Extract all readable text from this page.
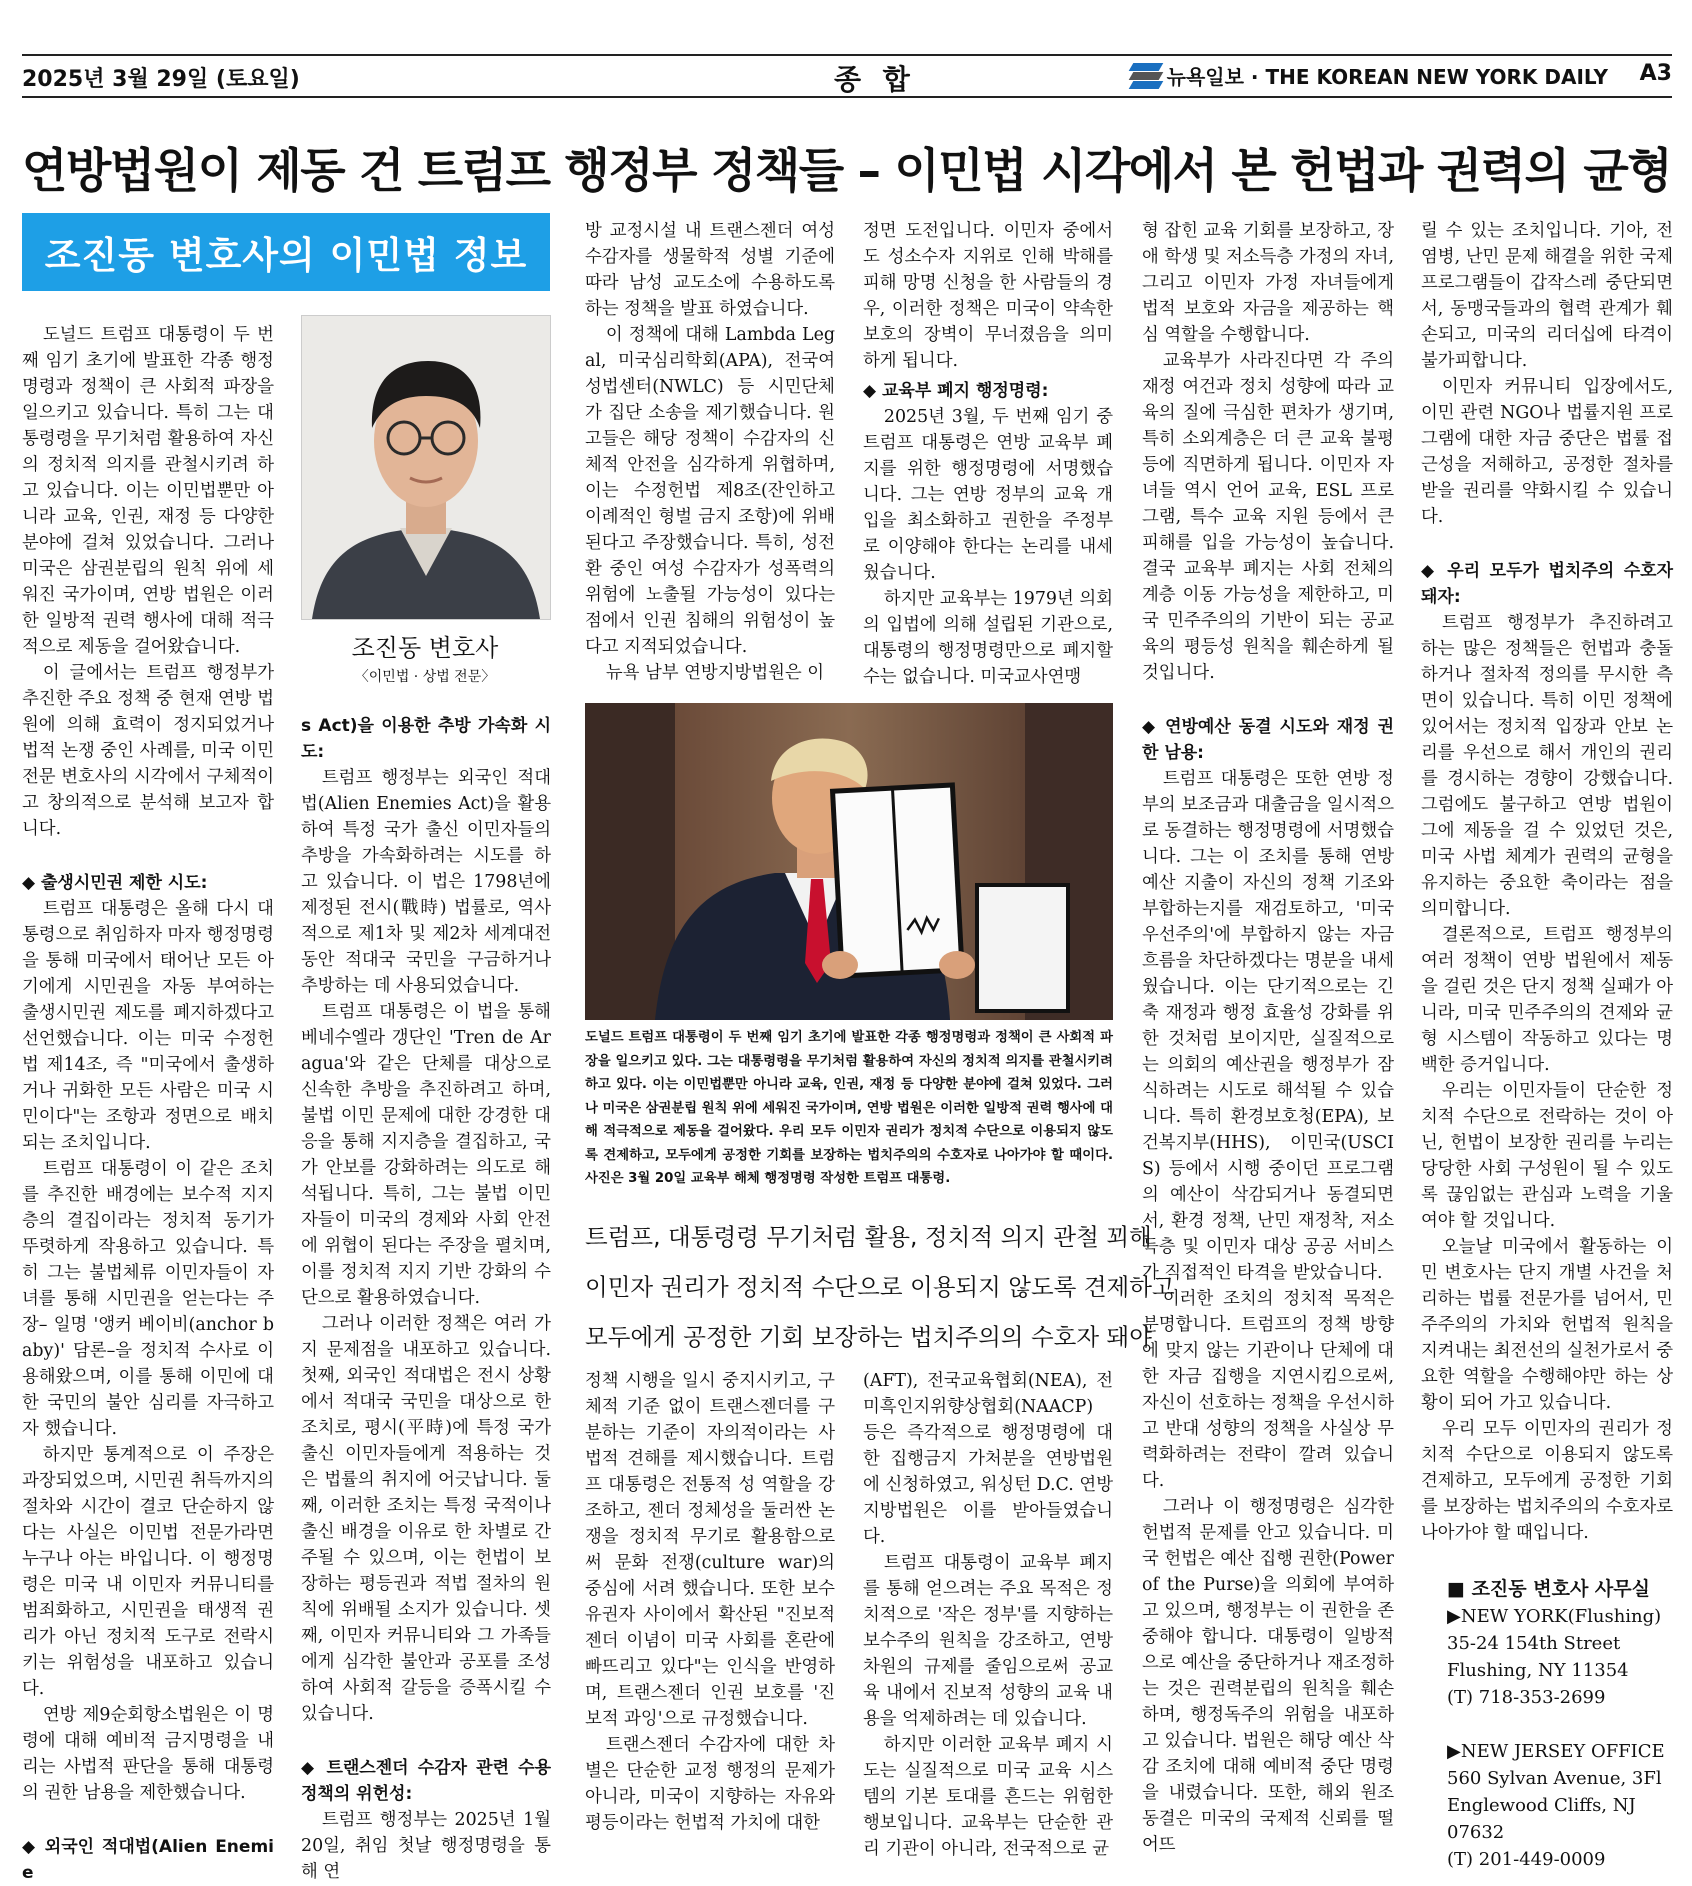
2025년 3월 29일 (토요일)	종 합	뉴욕일보 · THE KOREAN NEW YORK DAILY A3
연방법원이 제동 건 트럼프 행정부 정책들 – 이민법 시각에서 본 헌법과 권력의 균형
조진동 변호사의 이민법 정보
조진동 변호사
〈이민법 · 상법 전문〉

도널드 트럼프 대통령이 두 번째 임기 초기에 발표한 각종 행정명령과 정책이 큰 사회적 파장을 일으키고 있습니다. 특히 그는 대통령령을 무기처럼 활용하여 자신의 정치적 의지를 관철시키려 하고 있습니다. 이는 이민법뿐만 아니라 교육, 인권, 재정 등 다양한 분야에 걸쳐 있었습니다. 그러나 미국은 삼권분립의 원칙 위에 세워진 국가이며, 연방 법원은 이러한 일방적 권력 행사에 대해 적극적으로 제동을 걸어왔습니다.

이 글에서는 트럼프 행정부가 추진한 주요 정책 중 현재 연방 법원에 의해 효력이 정지되었거나 법적 논쟁 중인 사례를, 미국 이민 전문 변호사의 시각에서 구체적이고 창의적으로 분석해 보고자 합니다.

◆ 출생시민권 제한 시도:

트럼프 대통령은 올해 다시 대통령으로 취임하자 마자 행정명령을 통해 미국에서 태어난 모든 아기에게 시민권을 자동 부여하는 출생시민권 제도를 폐지하겠다고 선언했습니다. 이는 미국 수정헌법 제14조, 즉 "미국에서 출생하거나 귀화한 모든 사람은 미국 시민이다"는 조항과 정면으로 배치되는 조치입니다.

트럼프 대통령이 이 같은 조치를 추진한 배경에는 보수적 지지층의 결집이라는 정치적 동기가 뚜렷하게 작용하고 있습니다. 특히 그는 불법체류 이민자들이 자녀를 통해 시민권을 얻는다는 주장– 일명 '앵커 베이비(anchor baby)' 담론–을 정치적 수사로 이용해왔으며, 이를 통해 이민에 대한 국민의 불안 심리를 자극하고자 했습니다.

하지만 통계적으로 이 주장은 과장되었으며, 시민권 취득까지의 절차와 시간이 결코 단순하지 않다는 사실은 이민법 전문가라면 누구나 아는 바입니다. 이 행정명령은 미국 내 이민자 커뮤니티를 범죄화하고, 시민권을 태생적 권리가 아닌 정치적 도구로 전락시키는 위험성을 내포하고 있습니다.

연방 제9순회항소법원은 이 명령에 대해 예비적 금지명령을 내리는 사법적 판단을 통해 대통령의 권한 남용을 제한했습니다.

◆ 외국인 적대법(Alien Enemie

s Act)을 이용한 추방 가속화 시도:

트럼프 행정부는 외국인 적대법(Alien Enemies Act)을 활용하여 특정 국가 출신 이민자들의 추방을 가속화하려는 시도를 하고 있습니다. 이 법은 1798년에 제정된 전시(戰時) 법률로, 역사적으로 제1차 및 제2차 세계대전 동안 적대국 국민을 구금하거나 추방하는 데 사용되었습니다.

트럼프 대통령은 이 법을 통해 베네수엘라 갱단인 'Tren de Aragua'와 같은 단체를 대상으로 신속한 추방을 추진하려고 하며, 불법 이민 문제에 대한 강경한 대응을 통해 지지층을 결집하고, 국가 안보를 강화하려는 의도로 해석됩니다. 특히, 그는 불법 이민자들이 미국의 경제와 사회 안전에 위협이 된다는 주장을 펼치며, 이를 정치적 지지 기반 강화의 수단으로 활용하였습니다.

그러나 이러한 정책은 여러 가지 문제점을 내포하고 있습니다. 첫째, 외국인 적대법은 전시 상황에서 적대국 국민을 대상으로 한 조치로, 평시(平時)에 특정 국가 출신 이민자들에게 적용하는 것은 법률의 취지에 어긋납니다. 둘째, 이러한 조치는 특정 국적이나 출신 배경을 이유로 한 차별로 간주될 수 있으며, 이는 헌법이 보장하는 평등권과 적법 절차의 원칙에 위배될 소지가 있습니다. 셋째, 이민자 커뮤니티와 그 가족들에게 심각한 불안과 공포를 조성하여 사회적 갈등을 증폭시킬 수 있습니다.

◆ 트랜스젠더 수감자 관련 수용 정책의 위헌성:

트럼프 행정부는 2025년 1월 20일, 취임 첫날 행정명령을 통해 연

방 교정시설 내 트랜스젠더 여성 수감자를 생물학적 성별 기준에 따라 남성 교도소에 수용하도록 하는 정책을 발표 하였습니다.

이 정책에 대해 Lambda Legal, 미국심리학회(APA), 전국여성법센터(NWLC) 등 시민단체가 집단 소송을 제기했습니다. 원고들은 해당 정책이 수감자의 신체적 안전을 심각하게 위협하며, 이는 수정헌법 제8조(잔인하고 이례적인 형벌 금지 조항)에 위배된다고 주장했습니다. 특히, 성전환 중인 여성 수감자가 성폭력의 위험에 노출될 가능성이 있다는 점에서 인권 침해의 위험성이 높다고 지적되었습니다.

뉴욕 남부 연방지방법원은 이

정면 도전입니다. 이민자 중에서도 성소수자 지위로 인해 박해를 피해 망명 신청을 한 사람들의 경우, 이러한 정책은 미국이 약속한 보호의 장벽이 무너졌음을 의미하게 됩니다.

◆ 교육부 폐지 행정명령:

2025년 3월, 두 번째 임기 중 트럼프 대통령은 연방 교육부 폐지를 위한 행정명령에 서명했습니다. 그는 연방 정부의 교육 개입을 최소화하고 권한을 주정부로 이양해야 한다는 논리를 내세웠습니다.

하지만 교육부는 1979년 의회의 입법에 의해 설립된 기관으로, 대통령의 행정명령만으로 폐지할 수는 없습니다. 미국교사연맹

도널드 트럼프 대통령이 두 번째 임기 초기에 발표한 각종 행정명령과 정책이 큰 사회적 파장을 일으키고 있다. 그는 대통령령을 무기처럼 활용하여 자신의 정치적 의지를 관철시키려 하고 있다. 이는 이민법뿐만 아니라 교육, 인권, 재정 등 다양한 분야에 걸쳐 있었다. 그러나 미국은 삼권분립 원칙 위에 세워진 국가이며, 연방 법원은 이러한 일방적 권력 행사에 대해 적극적으로 제동을 걸어왔다. 우리 모두 이민자 권리가 정치적 수단으로 이용되지 않도록 견제하고, 모두에게 공정한 기회를 보장하는 법치주의의 수호자로 나아가야 할 때이다. 사진은 3월 20일 교육부 해체 행정명령 작성한 트럼프 대통령.
트럼프, 대통령령 무기처럼 활용, 정치적 의지 관철 꾀해
이민자 권리가 정치적 수단으로 이용되지 않도록 견제하고
모두에게 공정한 기회 보장하는 법치주의의 수호자 돼야

정책 시행을 일시 중지시키고, 구체적 기준 없이 트랜스젠더를 구분하는 기준이 자의적이라는 사법적 견해를 제시했습니다. 트럼프 대통령은 전통적 성 역할을 강조하고, 젠더 정체성을 둘러싼 논쟁을 정치적 무기로 활용함으로써 문화 전쟁(culture war)의 중심에 서려 했습니다. 또한 보수 유권자 사이에서 확산된 "진보적 젠더 이념이 미국 사회를 혼란에 빠뜨리고 있다"는 인식을 반영하며, 트랜스젠더 인권 보호를 '진보적 과잉'으로 규정했습니다.

트랜스젠더 수감자에 대한 차별은 단순한 교정 행정의 문제가 아니라, 미국이 지향하는 자유와 평등이라는 헌법적 가치에 대한

(AFT), 전국교육협회(NEA), 전미흑인지위향상협회(NAACP) 등은 즉각적으로 행정명령에 대한 집행금지 가처분을 연방법원에 신청하였고, 워싱턴 D.C. 연방지방법원은 이를 받아들였습니다.

트럼프 대통령이 교육부 폐지를 통해 얻으려는 주요 목적은 정치적으로 '작은 정부'를 지향하는 보수주의 원칙을 강조하고, 연방 차원의 규제를 줄임으로써 공교육 내에서 진보적 성향의 교육 내용을 억제하려는 데 있습니다.

하지만 이러한 교육부 폐지 시도는 실질적으로 미국 교육 시스템의 기본 토대를 흔드는 위험한 행보입니다. 교육부는 단순한 관리 기관이 아니라, 전국적으로 균

형 잡힌 교육 기회를 보장하고, 장애 학생 및 저소득층 가정의 자녀, 그리고 이민자 가정 자녀들에게 법적 보호와 자금을 제공하는 핵심 역할을 수행합니다.

교육부가 사라진다면 각 주의 재정 여건과 정치 성향에 따라 교육의 질에 극심한 편차가 생기며, 특히 소외계층은 더 큰 교육 불평등에 직면하게 됩니다. 이민자 자녀들 역시 언어 교육, ESL 프로그램, 특수 교육 지원 등에서 큰 피해를 입을 가능성이 높습니다. 결국 교육부 폐지는 사회 전체의 계층 이동 가능성을 제한하고, 미국 민주주의의 기반이 되는 공교육의 평등성 원칙을 훼손하게 될 것입니다.

◆ 연방예산 동결 시도와 재정 권한 남용:

트럼프 대통령은 또한 연방 정부의 보조금과 대출금을 일시적으로 동결하는 행정명령에 서명했습니다. 그는 이 조치를 통해 연방 예산 지출이 자신의 정책 기조와 부합하는지를 재검토하고, '미국 우선주의'에 부합하지 않는 자금 흐름을 차단하겠다는 명분을 내세웠습니다. 이는 단기적으로는 긴축 재정과 행정 효율성 강화를 위한 것처럼 보이지만, 실질적으로는 의회의 예산권을 행정부가 잠식하려는 시도로 해석될 수 있습니다. 특히 환경보호청(EPA), 보건복지부(HHS), 이민국(USCIS) 등에서 시행 중이던 프로그램의 예산이 삭감되거나 동결되면서, 환경 정책, 난민 재정착, 저소득층 및 이민자 대상 공공 서비스가 직접적인 타격을 받았습니다.

이러한 조치의 정치적 목적은 분명합니다. 트럼프의 정책 방향에 맞지 않는 기관이나 단체에 대한 자금 집행을 지연시킴으로써, 자신이 선호하는 정책을 우선시하고 반대 성향의 정책을 사실상 무력화하려는 전략이 깔려 있습니다.

그러나 이 행정명령은 심각한 헌법적 문제를 안고 있습니다. 미국 헌법은 예산 집행 권한(Power of the Purse)을 의회에 부여하고 있으며, 행정부는 이 권한을 존중해야 합니다. 대통령이 일방적으로 예산을 중단하거나 재조정하는 것은 권력분립의 원칙을 훼손하며, 행정독주의 위험을 내포하고 있습니다. 법원은 해당 예산 삭감 조치에 대해 예비적 중단 명령을 내렸습니다. 또한, 해외 원조 동결은 미국의 국제적 신뢰를 떨어뜨

릴 수 있는 조치입니다. 기아, 전염병, 난민 문제 해결을 위한 국제 프로그램들이 갑작스레 중단되면서, 동맹국들과의 협력 관계가 훼손되고, 미국의 리더십에 타격이 불가피합니다.

이민자 커뮤니티 입장에서도, 이민 관련 NGO나 법률지원 프로그램에 대한 자금 중단은 법률 접근성을 저해하고, 공정한 절차를 받을 권리를 약화시킬 수 있습니다.

◆ 우리 모두가 법치주의 수호자 돼자:

트럼프 행정부가 추진하려고 하는 많은 정책들은 헌법과 충돌하거나 절차적 정의를 무시한 측면이 있습니다. 특히 이민 정책에 있어서는 정치적 입장과 안보 논리를 우선으로 해서 개인의 권리를 경시하는 경향이 강했습니다. 그럼에도 불구하고 연방 법원이 그에 제동을 걸 수 있었던 것은, 미국 사법 체계가 권력의 균형을 유지하는 중요한 축이라는 점을 의미합니다.

결론적으로, 트럼프 행정부의 여러 정책이 연방 법원에서 제동을 걸린 것은 단지 정책 실패가 아니라, 미국 민주주의의 견제와 균형 시스템이 작동하고 있다는 명백한 증거입니다.

우리는 이민자들이 단순한 정치적 수단으로 전락하는 것이 아닌, 헌법이 보장한 권리를 누리는 당당한 사회 구성원이 될 수 있도록 끊임없는 관심과 노력을 기울여야 할 것입니다.

오늘날 미국에서 활동하는 이민 변호사는 단지 개별 사건을 처리하는 법률 전문가를 넘어서, 민주주의의 가치와 헌법적 원칙을 지켜내는 최전선의 실천가로서 중요한 역할을 수행해야만 하는 상황이 되어 가고 있습니다.

우리 모두 이민자의 권리가 정치적 수단으로 이용되지 않도록 견제하고, 모두에게 공정한 기회를 보장하는 법치주의의 수호자로 나아가야 할 때입니다.

■ 조진동 변호사 사무실
▶NEW YORK(Flushing)
35-24 154th Street
Flushing, NY 11354
(T) 718-353-2699
▶NEW JERSEY OFFICE
560 Sylvan Avenue, 3Fl
Englewood Cliffs, NJ 07632
(T) 201-449-0009
